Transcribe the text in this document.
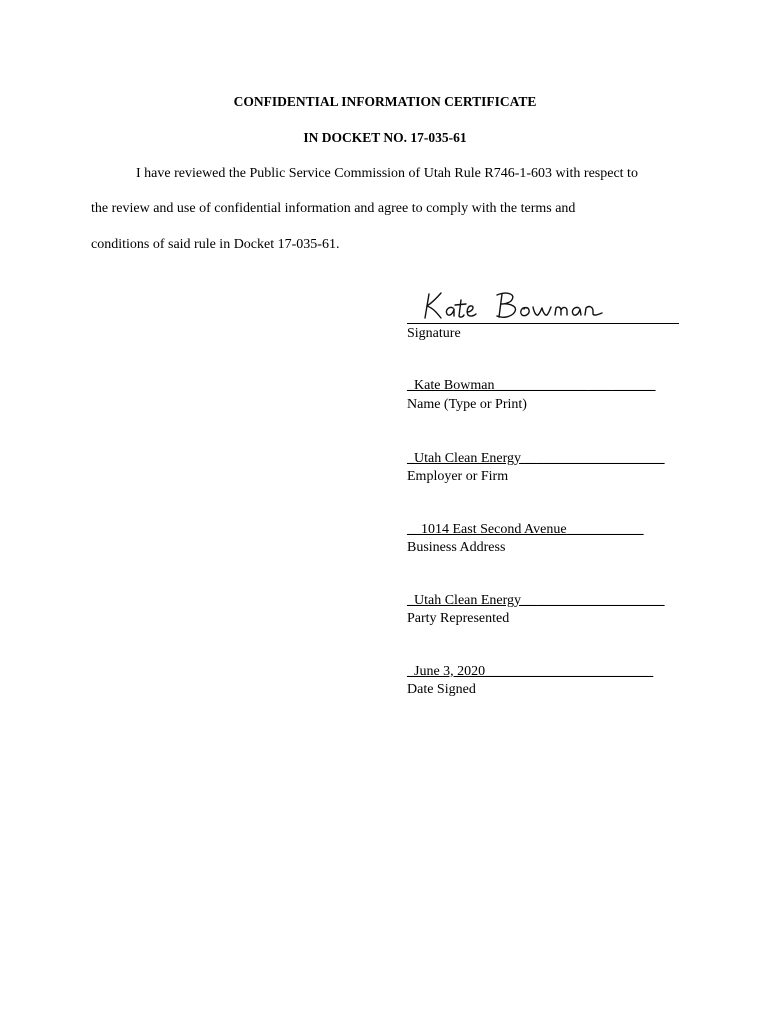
CONFIDENTIAL INFORMATION CERTIFICATE
IN DOCKET NO. 17-035-61
I have reviewed the Public Service Commission of Utah Rule R746-1-603 with respect to
the review and use of confidential information and agree to comply with the terms and
conditions of said rule in Docket 17-035-61.
Signature
_Kate Bowman_____________ ___ ______
Name (Type or Print)
_Utah Clean Energy__ __________________
Employer or Firm
__1014 East Second Avenue___________
Business Address
_Utah Clean Energy__ __________________
Party Represented
_June 3, 2020________________________
Date Signed
